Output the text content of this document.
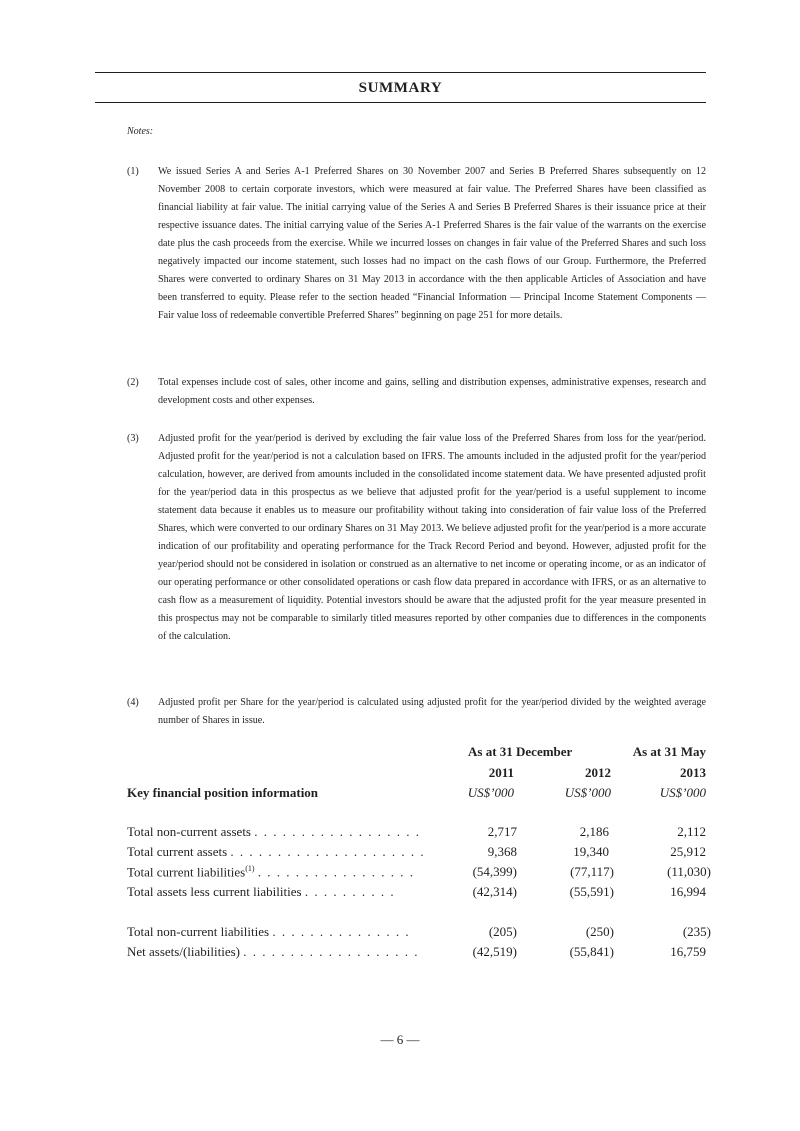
SUMMARY
Notes:
(1) We issued Series A and Series A-1 Preferred Shares on 30 November 2007 and Series B Preferred Shares subsequently on 12 November 2008 to certain corporate investors, which were measured at fair value. The Preferred Shares have been classified as financial liability at fair value. The initial carrying value of the Series A and Series B Preferred Shares is their issuance price at their respective issuance dates. The initial carrying value of the Series A-1 Preferred Shares is the fair value of the warrants on the exercise date plus the cash proceeds from the exercise. While we incurred losses on changes in fair value of the Preferred Shares and such loss negatively impacted our income statement, such losses had no impact on the cash flows of our Group. Furthermore, the Preferred Shares were converted to ordinary Shares on 31 May 2013 in accordance with the then applicable Articles of Association and have been transferred to equity. Please refer to the section headed “Financial Information — Principal Income Statement Components — Fair value loss of redeemable convertible Preferred Shares” beginning on page 251 for more details.
(2) Total expenses include cost of sales, other income and gains, selling and distribution expenses, administrative expenses, research and development costs and other expenses.
(3) Adjusted profit for the year/period is derived by excluding the fair value loss of the Preferred Shares from loss for the year/period. Adjusted profit for the year/period is not a calculation based on IFRS. The amounts included in the adjusted profit for the year/period calculation, however, are derived from amounts included in the consolidated income statement data. We have presented adjusted profit for the year/period data in this prospectus as we believe that adjusted profit for the year/period is a useful supplement to income statement data because it enables us to measure our profitability without taking into consideration of fair value loss of the Preferred Shares, which were converted to our ordinary Shares on 31 May 2013. We believe adjusted profit for the year/period is a more accurate indication of our profitability and operating performance for the Track Record Period and beyond. However, adjusted profit for the year/period should not be considered in isolation or construed as an alternative to net income or operating income, or as an indicator of our operating performance or other consolidated operations or cash flow data prepared in accordance with IFRS, or as an alternative to cash flow as a measurement of liquidity. Potential investors should be aware that the adjusted profit for the year measure presented in this prospectus may not be comparable to similarly titled measures reported by other companies due to differences in the components of the calculation.
(4) Adjusted profit per Share for the year/period is calculated using adjusted profit for the year/period divided by the weighted average number of Shares in issue.
As at 31 December	As at 31 May
2011	2012	2013
Key financial position information	US$’000	US$’000	US$’000
Total non-current assets . . . . . . . . . . . . . . . . . .	2,717	2,186	2,112
Total current assets . . . . . . . . . . . . . . . . . . . . .	9,368	19,340	25,912
Total current liabilities$^{(1)}$ . . . . . . . . . . . . . . . . .	(54,399)	(77,117)	(11,030)
Total assets less current liabilities . . . . . . . . . .	(42,314)	(55,591)	16,994
Total non-current liabilities . . . . . . . . . . . . . . .	(205)	(250)	(235)
Net assets/(liabilities) . . . . . . . . . . . . . . . . . . .	(42,519)	(55,841)	16,759
— 6 —
